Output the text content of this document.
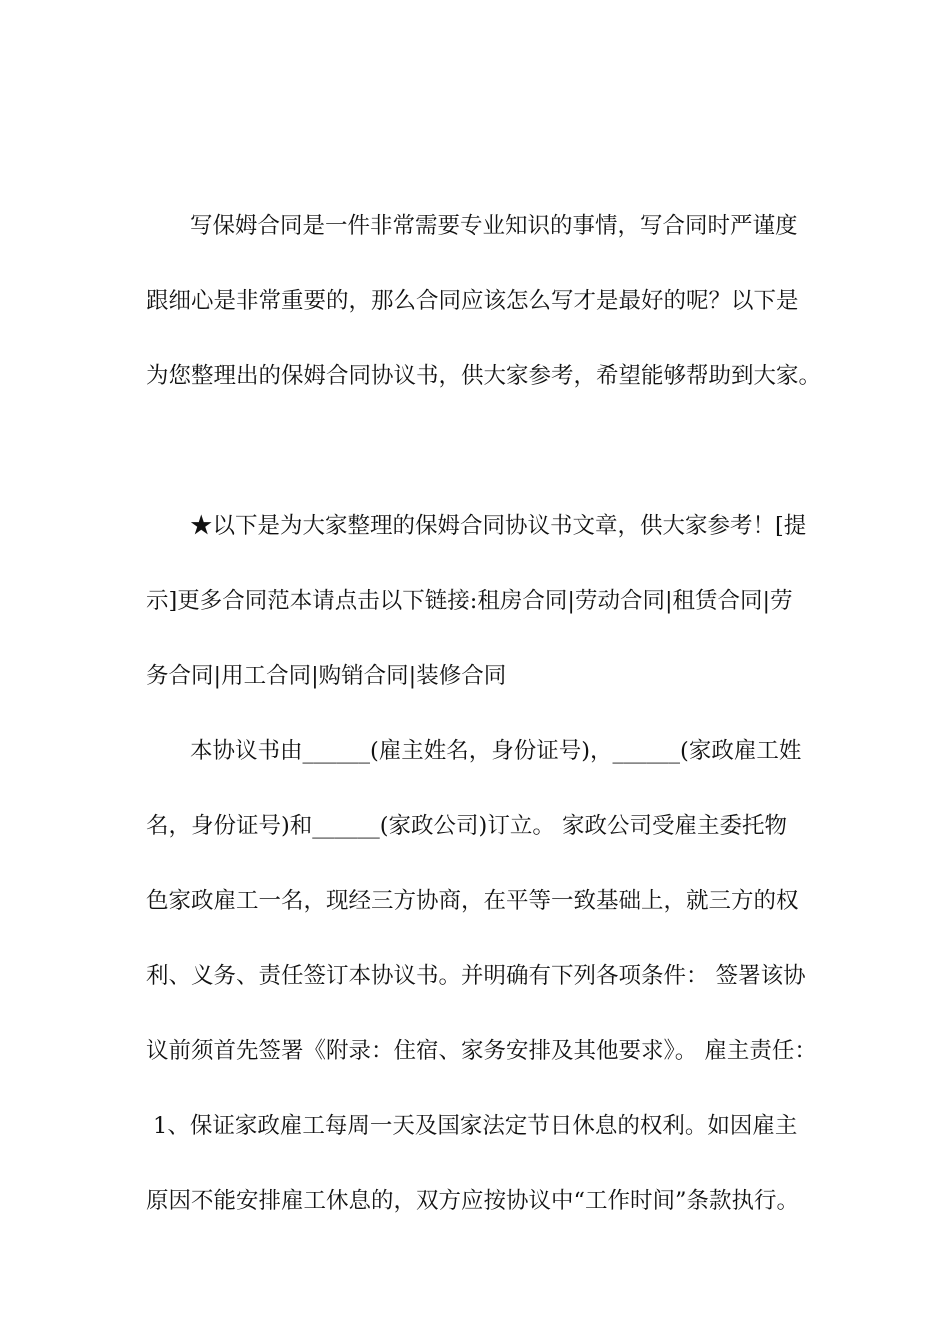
写保姆合同是一件非常需要专业知识的事情，写合同时严谨度

跟细心是非常重要的，那么合同应该怎么写才是最好的呢？以下是

为您整理出的保姆合同协议书，供大家参考，希望能够帮助到大家。

★以下是为大家整理的保姆合同协议书文章，供大家参考！[提

示]更多合同范本请点击以下链接:租房合同|劳动合同|租赁合同|劳

务合同|用工合同|购销合同|装修合同

本协议书由______(雇主姓名，身份证号)，______(家政雇工姓

名，身份证号)和______(家政公司)订立。 家政公司受雇主委托物

色家政雇工一名，现经三方协商，在平等一致基础上，就三方的权

利、义务、责任签订本协议书。并明确有下列各项条件： 签署该协

议前须首先签署《附录：住宿、家务安排及其他要求》。 雇主责任：

1、保证家政雇工每周一天及国家法定节日休息的权利。如因雇主

原因不能安排雇工休息的，双方应按协议中“工作时间”条款执行。
